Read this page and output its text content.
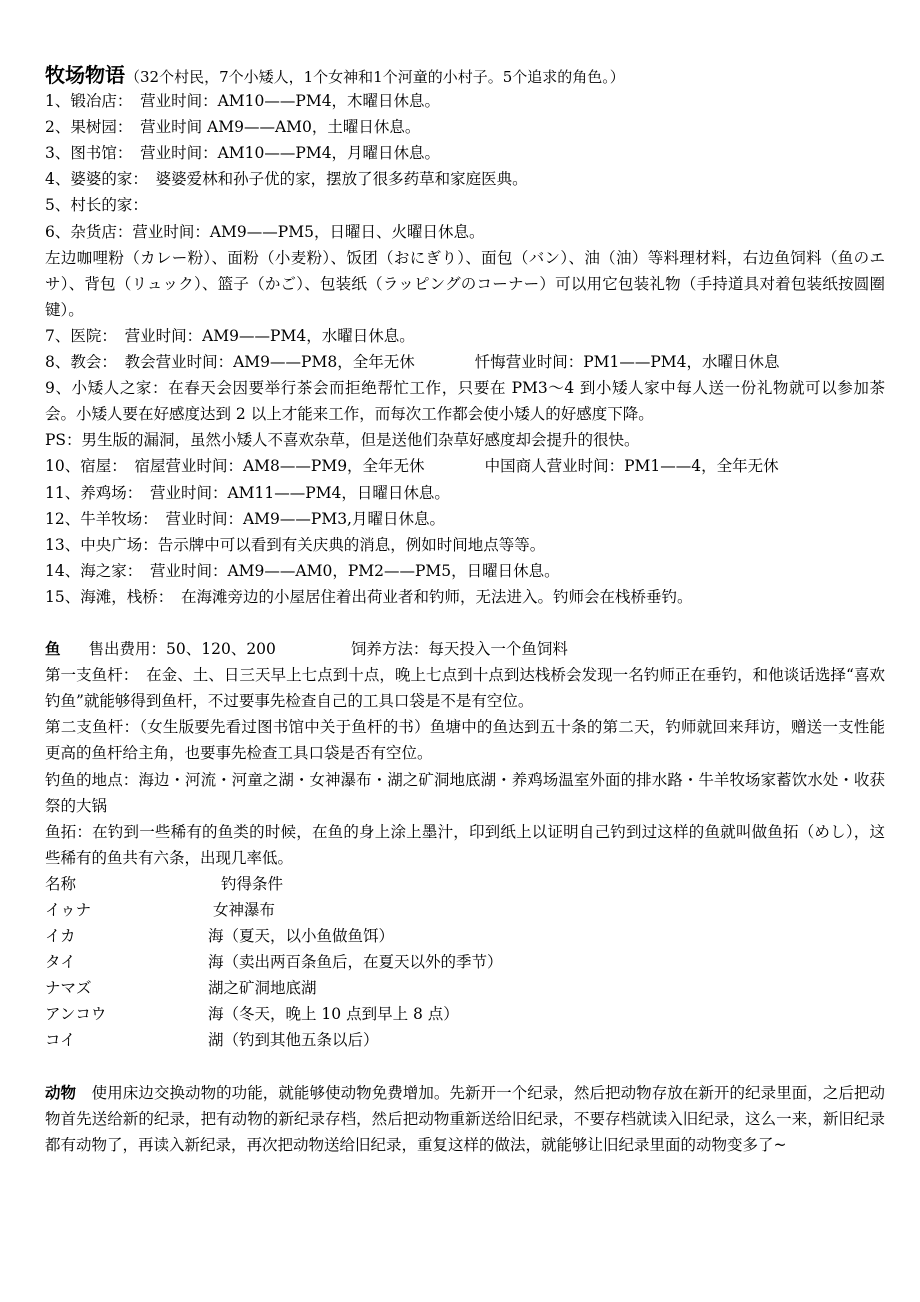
牧场物语（32个村民，7个小矮人，1个女神和1个河童的小村子。5个追求的角色。）
1、锻冶店：　营业时间：AM10——PM4，木曜日休息。
2、果树园：　营业时间 AM9——AM0，土曜日休息。
3、图书馆：　营业时间：AM10——PM4，月曜日休息。
4、婆婆的家：　婆婆爱林和孙子优的家，摆放了很多药草和家庭医典。
5、村长的家：
6、杂货店：营业时间：AM9——PM5，日曜日、火曜日休息。
左边咖哩粉（カレー粉）、面粉（小麦粉）、饭团（おにぎり）、面包（バン）、油（油）等料理材料，右边鱼饲料（鱼のエサ）、背包（リュック）、篮子（かご）、包装纸（ラッピングのコーナー）可以用它包装礼物（手持道具对着包装纸按圆圈键）。
7、医院：　营业时间：AM9——PM4，水曜日休息。
8、教会：　教会营业时间：AM9——PM8，全年无休	忏悔营业时间：PM1——PM4，水曜日休息
9、小矮人之家：在春天会因要举行茶会而拒绝帮忙工作，只要在 PM3～4 到小矮人家中每人送一份礼物就可以参加茶会。小矮人要在好感度达到 2 以上才能来工作，而每次工作都会使小矮人的好感度下降。
PS：男生版的漏洞，虽然小矮人不喜欢杂草，但是送他们杂草好感度却会提升的很快。
10、宿屋：　宿屋营业时间：AM8——PM9，全年无休	中国商人营业时间：PM1——4，全年无休
11、养鸡场：　营业时间：AM11——PM4，日曜日休息。
12、牛羊牧场：　营业时间：AM9——PM3,月曜日休息。
13、中央广场：告示牌中可以看到有关庆典的消息，例如时间地点等等。
14、海之家：　营业时间：AM9——AM0，PM2——PM5，日曜日休息。
15、海滩，栈桥：　在海滩旁边的小屋居住着出荷业者和钓师，无法进入。钓师会在栈桥垂钓。
鱼 售出费用：50、120、200	饲养方法：每天投入一个鱼饲料
第一支鱼杆：　在金、土、日三天早上七点到十点，晚上七点到十点到达栈桥会发现一名钓师正在垂钓，和他谈话选择“喜欢钓鱼”就能够得到鱼杆，不过要事先检查自己的工具口袋是不是有空位。
第二支鱼杆：（女生版要先看过图书馆中关于鱼杆的书）鱼塘中的鱼达到五十条的第二天，钓师就回来拜访，赠送一支性能更高的鱼杆给主角，也要事先检查工具口袋是否有空位。
钓鱼的地点：海边・河流・河童之湖・女神瀑布・湖之矿洞地底湖・养鸡场温室外面的排水路・牛羊牧场家蓄饮水处・收获祭的大锅
鱼拓：在钓到一些稀有的鱼类的时候，在鱼的身上涂上墨汁，印到纸上以证明自己钓到过这样的鱼就叫做鱼拓（めし），这些稀有的鱼共有六条，出现几率低。
名称	钓得条件
イゥナ	女神瀑布
イカ	海（夏天，以小鱼做鱼饵）
タイ	海（卖出两百条鱼后，在夏天以外的季节）
ナマズ	湖之矿洞地底湖
アンコウ	海（冬天，晚上 10 点到早上 8 点）
コイ	湖（钓到其他五条以后）
动物　使用床边交换动物的功能，就能够使动物免费增加。先新开一个纪录，然后把动物存放在新开的纪录里面，之后把动物首先送给新的纪录，把有动物的新纪录存档，然后把动物重新送给旧纪录，不要存档就读入旧纪录，这么一来，新旧纪录都有动物了，再读入新纪录，再次把动物送给旧纪录，重复这样的做法，就能够让旧纪录里面的动物变多了~
